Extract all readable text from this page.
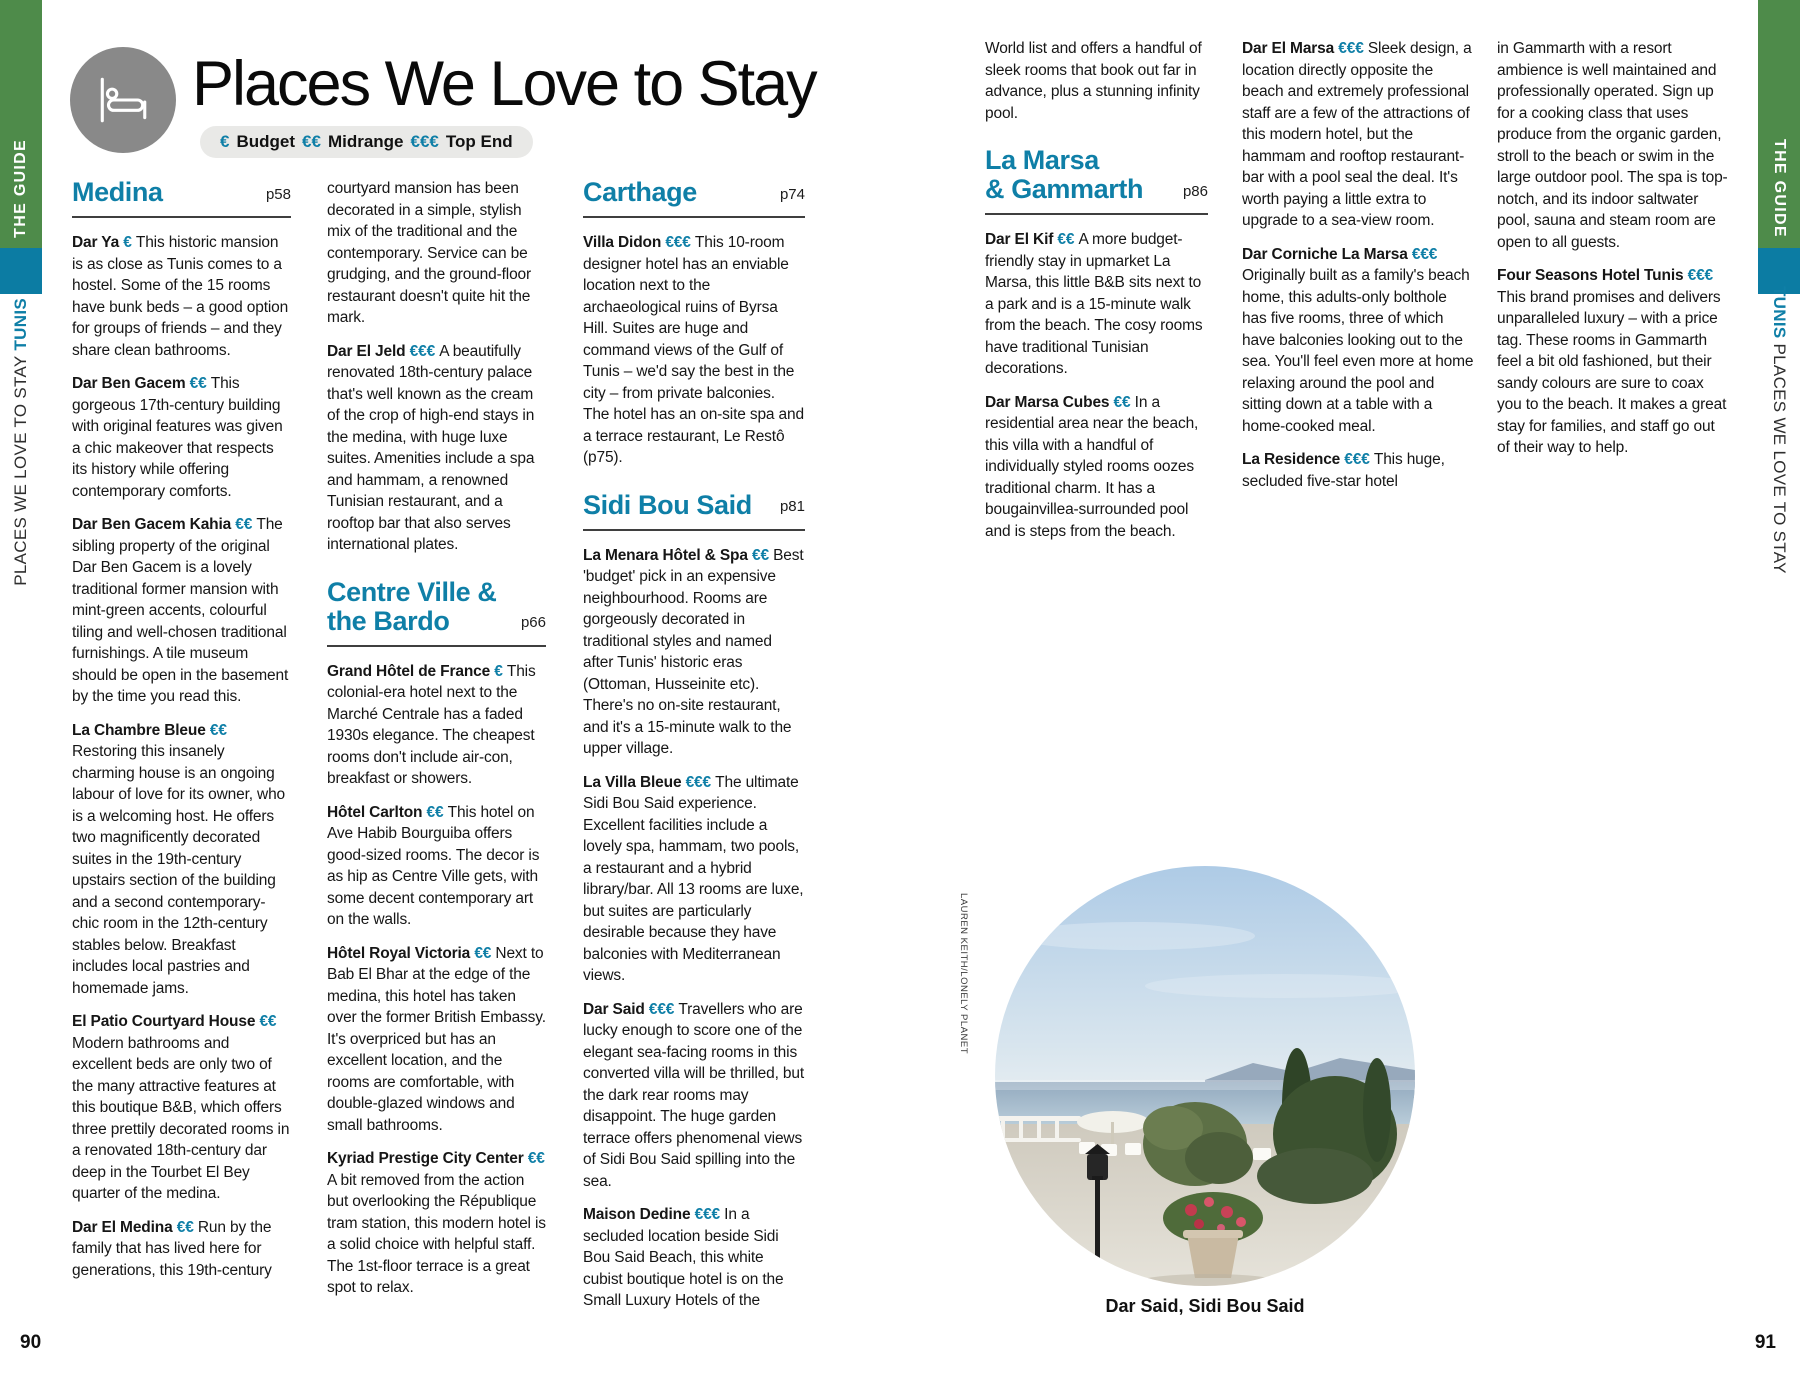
THE GUIDE
PLACES WE LOVE TO STAY TUNIS
THE GUIDE
TUNIS PLACES WE LOVE TO STAY
Places We Love to Stay
€ Budget €€ Midrange €€€ Top End
Medina	p58

Dar Ya € This historic mansion is as close as Tunis comes to a hostel. Some of the 15 rooms have bunk beds – a good option for groups of friends – and they share clean bathrooms.

Dar Ben Gacem €€ This gorgeous 17th-century building with original features was given a chic makeover that respects its history while offering contemporary comforts.

Dar Ben Gacem Kahia €€ The sibling property of the original Dar Ben Gacem is a lovely traditional former mansion with mint-green accents, colourful tiling and well-chosen traditional furnishings. A tile museum should be open in the basement by the time you read this.

La Chambre Bleue €€ Restoring this insanely charming house is an ongoing labour of love for its owner, who is a welcoming host. He offers two magnificently decorated suites in the 19th-century upstairs section of the building and a second contemporary-chic room in the 12th-century stables below. Breakfast includes local pastries and homemade jams.

El Patio Courtyard House €€ Modern bathrooms and excellent beds are only two of the many attractive features at this boutique B&B, which offers three prettily decorated rooms in a renovated 18th-century dar deep in the Tourbet El Bey quarter of the medina.

Dar El Medina €€ Run by the family that has lived here for generations, this 19th-century

courtyard mansion has been decorated in a simple, stylish mix of the traditional and the contemporary. Service can be grudging, and the ground-floor restaurant doesn't quite hit the mark.

Dar El Jeld €€€ A beautifully renovated 18th-century palace that's well known as the cream of the crop of high-end stays in the medina, with huge luxe suites. Amenities include a spa and hammam, a renowned Tunisian restaurant, and a rooftop bar that also serves international plates.

Centre Ville &
the Bardo	p66

Grand Hôtel de France € This colonial-era hotel next to the Marché Centrale has a faded 1930s elegance. The cheapest rooms don't include air-con, breakfast or showers.

Hôtel Carlton €€ This hotel on Ave Habib Bourguiba offers good-sized rooms. The decor is as hip as Centre Ville gets, with some decent contemporary art on the walls.

Hôtel Royal Victoria €€ Next to Bab El Bhar at the edge of the medina, this hotel has taken over the former British Embassy. It's overpriced but has an excellent location, and the rooms are comfortable, with double-glazed windows and small bathrooms.

Kyriad Prestige City Center €€ A bit removed from the action but overlooking the République tram station, this modern hotel is a solid choice with helpful staff. The 1st-floor terrace is a great spot to relax.

Carthage	p74

Villa Didon €€€ This 10-room designer hotel has an enviable location next to the archaeological ruins of Byrsa Hill. Suites are huge and command views of the Gulf of Tunis – we'd say the best in the city – from private balconies. The hotel has an on-site spa and a terrace restaurant, Le Restô (p75).

Sidi Bou Said p81

La Menara Hôtel & Spa €€ Best 'budget' pick in an expensive neighbourhood. Rooms are gorgeously decorated in traditional styles and named after Tunis' historic eras (Ottoman, Husseinite etc). There's no on-site restaurant, and it's a 15-minute walk to the upper village.

La Villa Bleue €€€ The ultimate Sidi Bou Said experience. Excellent facilities include a lovely spa, hammam, two pools, a restaurant and a hybrid library/bar. All 13 rooms are luxe, but suites are particularly desirable because they have balconies with Mediterranean views.

Dar Said €€€ Travellers who are lucky enough to score one of the elegant sea-facing rooms in this converted villa will be thrilled, but the dark rear rooms may disappoint. The huge garden terrace offers phenomenal views of Sidi Bou Said spilling into the sea.

Maison Dedine €€€ In a secluded location beside Sidi Bou Said Beach, this white cubist boutique hotel is on the Small Luxury Hotels of the

World list and offers a handful of sleek rooms that book out far in advance, plus a stunning infinity pool.

La Marsa
& Gammarth	p86

Dar El Kif €€ A more budget-friendly stay in upmarket La Marsa, this little B&B sits next to a park and is a 15-minute walk from the beach. The cosy rooms have traditional Tunisian decorations.

Dar Marsa Cubes €€ In a residential area near the beach, this villa with a handful of individually styled rooms oozes traditional charm. It has a bougainvillea-surrounded pool and is steps from the beach.

Dar El Marsa €€€ Sleek design, a location directly opposite the beach and extremely professional staff are a few of the attractions of this modern hotel, but the hammam and rooftop restaurant-bar with a pool seal the deal. It's worth paying a little extra to upgrade to a sea-view room.

Dar Corniche La Marsa €€€ Originally built as a family's beach home, this adults-only bolthole has five rooms, three of which have balconies looking out to the sea. You'll feel even more at home relaxing around the pool and sitting down at a table with a home-cooked meal.

La Residence €€€ This huge, secluded five-star hotel

in Gammarth with a resort ambience is well maintained and professionally operated. Sign up for a cooking class that uses produce from the organic garden, stroll to the beach or swim in the large outdoor pool. The spa is top-notch, and its indoor saltwater pool, sauna and steam room are open to all guests.

Four Seasons Hotel Tunis €€€ This brand promises and delivers unparalleled luxury – with a price tag. These rooms in Gammarth feel a bit old fashioned, but their sandy colours are sure to coax you to the beach. It makes a great stay for families, and staff go out of their way to help.

Dar Said, Sidi Bou Said
LAUREN KEITH/LONELY PLANET
90	91
